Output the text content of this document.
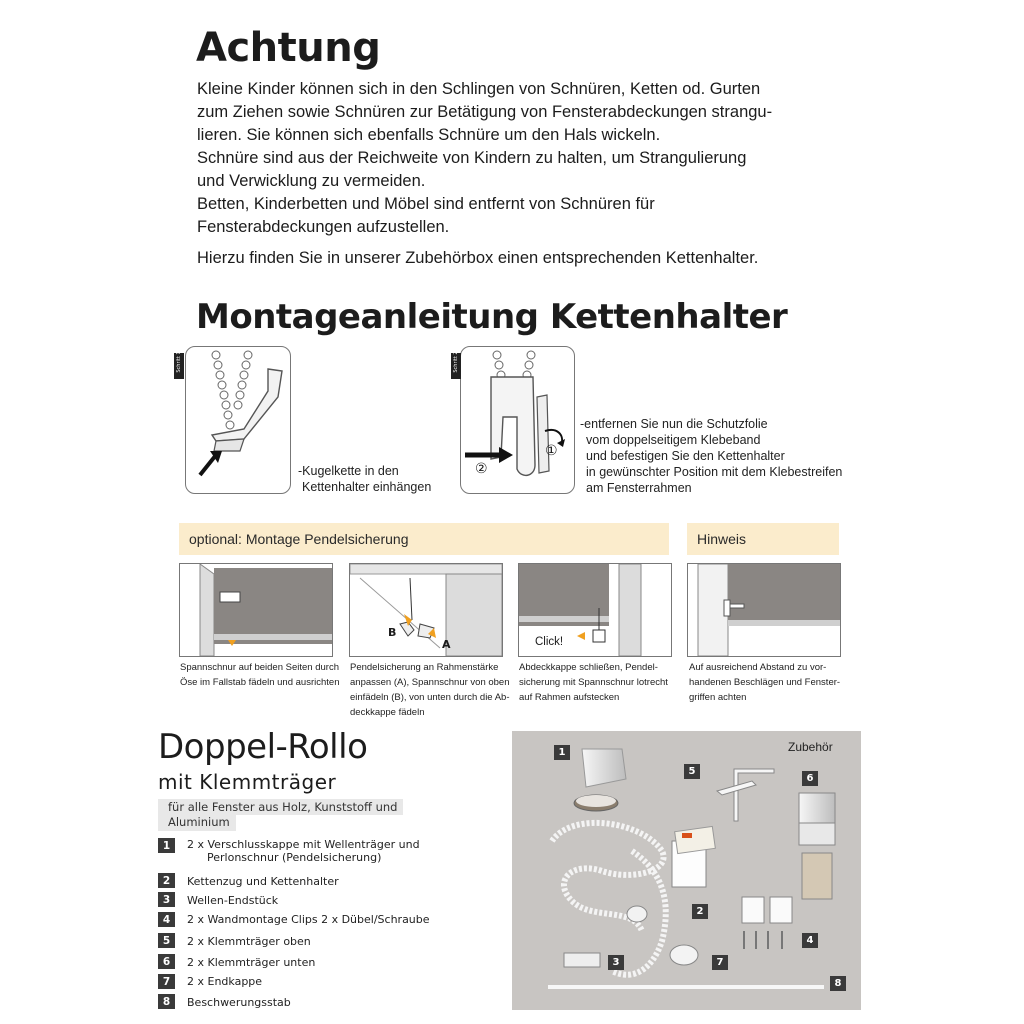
Achtung

Kleine Kinder können sich in den Schlingen von Schnüren, Ketten od. Gurten

zum Ziehen sowie Schnüren zur Betätigung von Fensterabdeckungen strangu-

lieren. Sie können sich ebenfalls Schnüre um den Hals wickeln.

Schnüre sind aus der Reichweite von Kindern zu halten, um Strangulierung

und Verwicklung zu vermeiden.

Betten, Kinderbetten und Möbel sind entfernt von Schnüren für

Fensterabdeckungen aufzustellen.

Hierzu finden Sie in unserer Zubehörbox einen entsprechenden Kettenhalter.

Montageanleitung Kettenhalter
Schritt 1
-Kugelkette in den
Kettenhalter einhängen
②
①
Schritt 2
-entfernen Sie nun die Schutzfolie
vom doppelseitigem Klebeband
und befestigen Sie den Kettenhalter
in gewünschter Position mit dem Klebestreifen
am Fensterrahmen
optional: Montage Pendelsicherung	Hinweis
Spannschnur auf beiden Seiten durch
Öse im Fallstab fädeln und ausrichten
B
A
Pendelsicherung an Rahmenstärke
anpassen (A), Spannschnur von oben
einfädeln (B), von unten durch die Ab-
deckkappe fädeln
Click!
Abdeckkappe schließen, Pendel-
sicherung mit Spannschnur lotrecht
auf Rahmen aufstecken
Auf ausreichend Abstand zu vor-
handenen Beschlägen und Fenster-
griffen achten
Doppel-Rollo
mit Klemmträger
für alle Fenster aus Holz, Kunststoff und Aluminium
1	2 x Verschlusskappe mit Wellenträger und
Perlonschnur (Pendelsicherung)
2	Kettenzug und Kettenhalter
3	Wellen-Endstück
4	2 x Wandmontage Clips 2 x Dübel/Schraube
5	2 x Klemmträger oben
6	2 x Klemmträger unten
7	2 x Endkappe
8	Beschwerungsstab
Zubehör
1
2
3
4
5
6
7
8
